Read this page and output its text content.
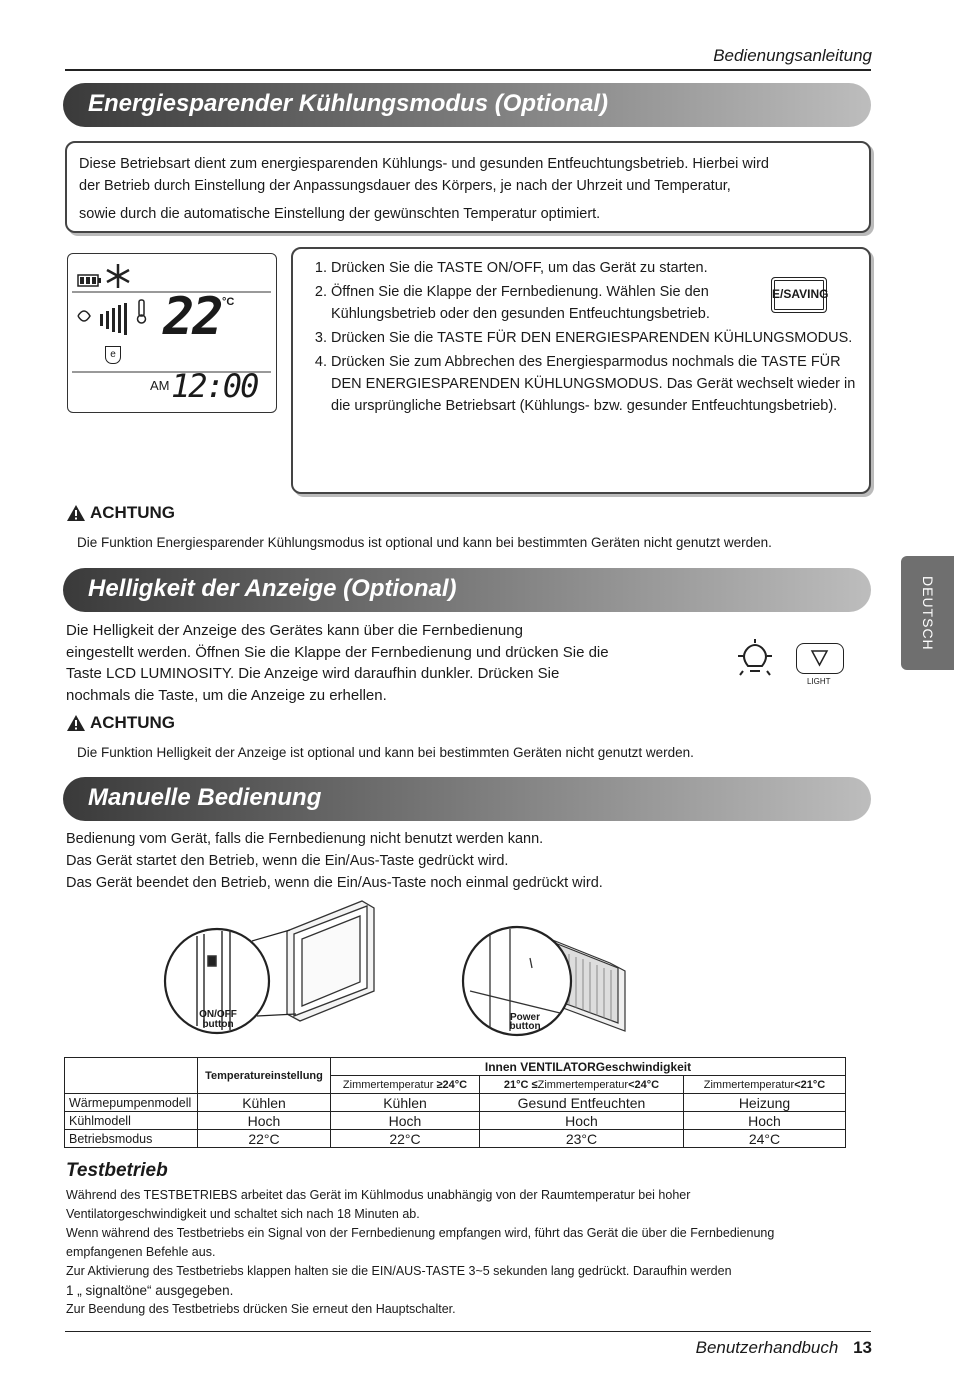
Bedienungsanleitung
DEUTSCH
Energiesparender Kühlungsmodus (Optional)
Diese Betriebsart dient zum energiesparenden Kühlungs- und gesunden Entfeuchtungsbetrieb. Hierbei wird
der Betrieb durch Einstellung der Anpassungsdauer des Körpers, je nach der Uhrzeit und Temperatur,
sowie durch die automatische Einstellung der gewünschten Temperatur optimiert.
22 °C
e
AM 12:00
1. Drücken Sie die TASTE ON/OFF, um das Gerät zu starten.
2. Öffnen Sie die Klappe der Fernbedienung. Wählen Sie den Kühlungsbetrieb oder den gesunden Entfeuchtungsbetrieb.
3. Drücken Sie die TASTE FÜR DEN ENERGIESPARENDEN KÜHLUNGSMODUS.
4. Drücken Sie zum Abbrechen des Energiesparmodus nochmals die TASTE FÜR DEN ENERGIESPARENDEN KÜHLUNGSMODUS. Das Gerät wechselt wieder in die ursprüngliche Betriebsart (Kühlungs- bzw. gesunder Entfeuchtungsbetrieb).
E/SAVING
ACHTUNG
Die Funktion Energiesparender Kühlungsmodus ist optional und kann bei bestimmten Geräten nicht genutzt werden.
Helligkeit der Anzeige (Optional)
Die Helligkeit der Anzeige des Gerätes kann über die Fernbedienung
eingestellt werden. Öffnen Sie die Klappe der Fernbedienung und drücken Sie die
Taste LCD LUMINOSITY. Die Anzeige wird daraufhin dunkler. Drücken Sie
nochmals die Taste, um die Anzeige zu erhellen.
LIGHT
ACHTUNG
Die Funktion Helligkeit der Anzeige ist optional und kann bei bestimmten Geräten nicht genutzt werden.
Manuelle Bedienung
Bedienung vom Gerät, falls die Fernbedienung nicht benutzt werden kann.
Das Gerät startet den Betrieb, wenn die Ein/Aus-Taste gedrückt wird.
Das Gerät beendet den Betrieb, wenn die Ein/Aus-Taste noch einmal gedrückt wird.
ON/OFF
button
Power
button
	Temperatureinstellung	Innen VENTILATORGeschwindigkeit		
		Zimmertemperatur ≥24°C	21°C ≤Zimmertemperatur<24°C	Zimmertemperatur<21°C
Wärmepumpenmodell	Kühlen	Kühlen	Gesund Entfeuchten	Heizung
Kühlmodell	Hoch	Hoch	Hoch	Hoch
Betriebsmodus	22°C	22°C	23°C	24°C
Testbetrieb
Während des TESTBETRIEBS arbeitet das Gerät im Kühlmodus unabhängig von der Raumtemperatur bei hoher
Ventilatorgeschwindigkeit und schaltet sich nach 18 Minuten ab.
Wenn während des Testbetriebs ein Signal von der Fernbedienung empfangen wird, führt das Gerät die über die Fernbedienung
empfangenen Befehle aus.
Zur Aktivierung des Testbetriebs klappen halten sie die EIN/AUS-TASTE 3~5 sekunden lang gedrückt. Daraufhin werden
1 „ signaltöne“ ausgegeben.
Zur Beendung des Testbetriebs drücken Sie erneut den Hauptschalter.
Benutzerhandbuch 13
